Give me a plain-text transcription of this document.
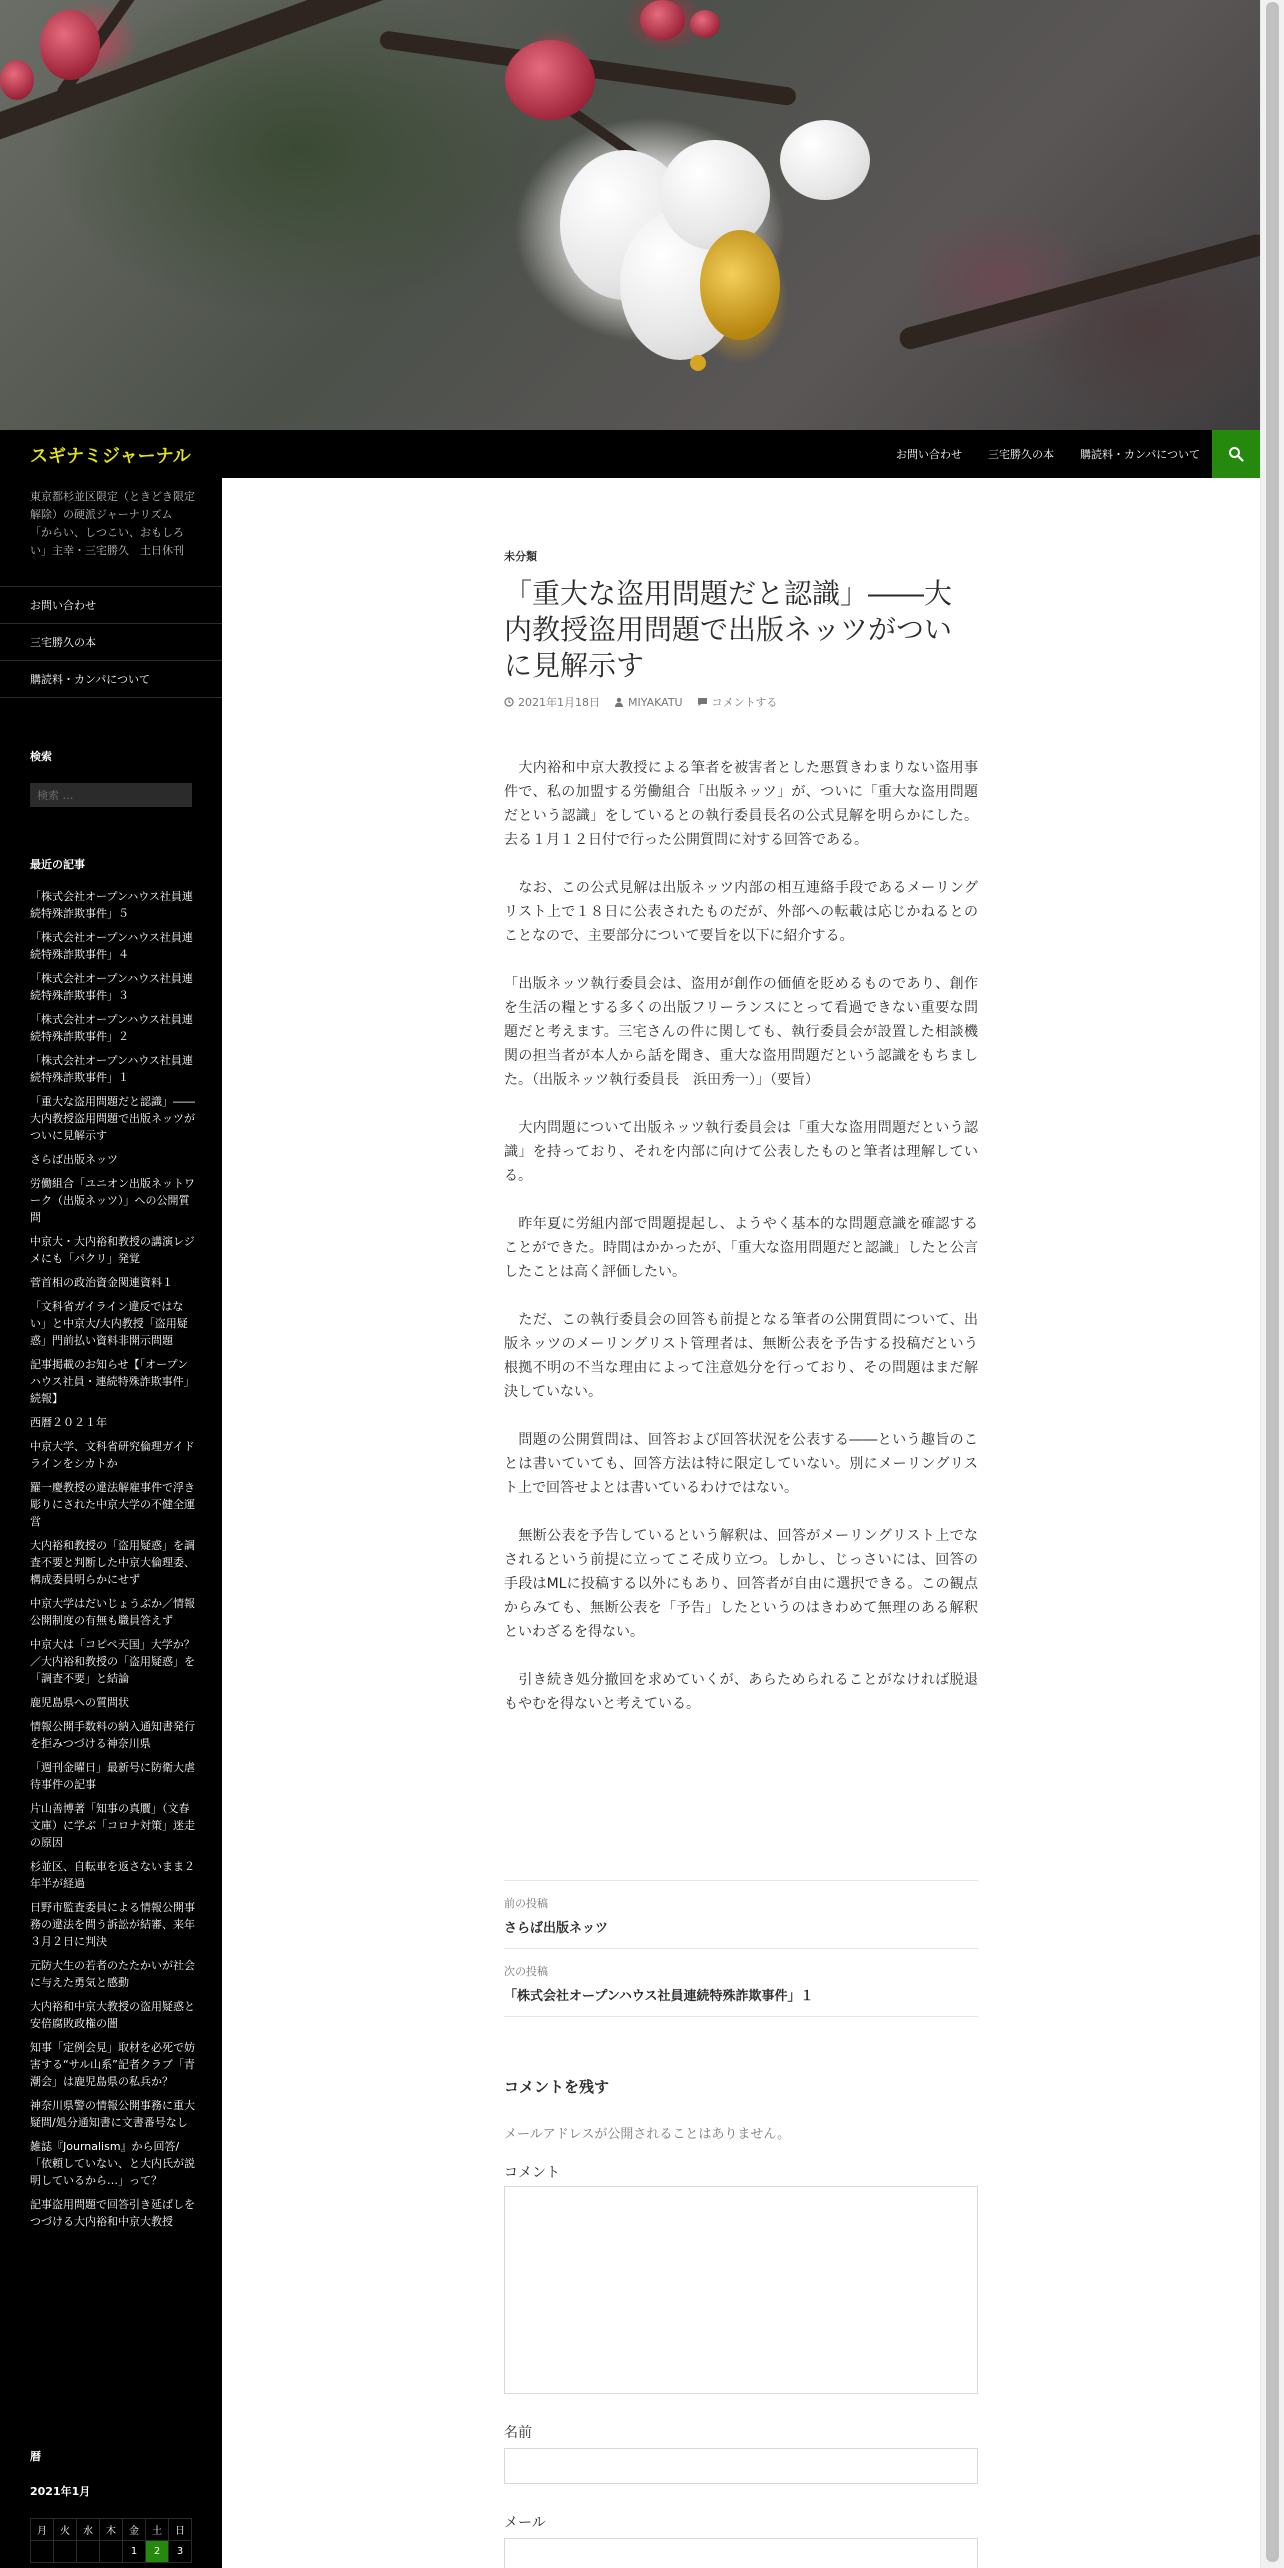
スギナミジャーナル	お問い合わせ 三宅勝久の本 購読料・カンパについて
東京都杉並区限定（ときどき限定解除）の硬派ジャーナリズム　「からい、しつこい、おもしろい」主幸・三宅勝久　土日休刊
お問い合わせ
三宅勝久の本
購読料・カンパについて
検索
検索 …
最近の記事
「株式会社オープンハウス社員連続特殊詐欺事件」５
「株式会社オープンハウス社員連続特殊詐欺事件」４
「株式会社オープンハウス社員連続特殊詐欺事件」３
「株式会社オープンハウス社員連続特殊詐欺事件」２
「株式会社オープンハウス社員連続特殊詐欺事件」１
「重大な盗用問題だと認識」――大内教授盗用問題で出版ネッツがついに見解示す
さらば出版ネッツ
労働組合「ユニオン出版ネットワーク（出版ネッツ）」への公開質問
中京大・大内裕和教授の講演レジメにも「パクリ」発覚
菅首相の政治資金関連資料１
「文科省ガイライン違反ではない」と中京大/大内教授「盗用疑惑」門前払い資料非開示問題
記事掲載のお知らせ【「オープンハウス社員・連続特殊詐欺事件」続報】
西暦２０２１年
中京大学、文科省研究倫理ガイドラインをシカトか
羅一慶教授の違法解雇事件で浮き彫りにされた中京大学の不健全運営
大内裕和教授の「盗用疑惑」を調査不要と判断した中京大倫理委、構成委員明らかにせず
中京大学はだいじょうぶか／情報公開制度の有無も職員答えず
中京大は「コピペ天国」大学か？／大内裕和教授の「盗用疑惑」を「調査不要」と結論
鹿児島県への質問状
情報公開手数料の納入通知書発行を拒みつづける神奈川県
「週刊金曜日」最新号に防衛大虐待事件の記事
片山善博著「知事の真贋」（文春文庫）に学ぶ「コロナ対策」迷走の原因
杉並区、自転車を返さないまま２年半が経過
日野市監査委員による情報公開事務の違法を問う訴訟が結審、来年３月２日に判決
元防大生の若者のたたかいが社会に与えた勇気と感動
大内裕和中京大教授の盗用疑惑と安倍腐敗政権の闇
知事「定例会見」取材を必死で妨害する“サル山系”記者クラブ「青潮会」は鹿児島県の私兵か？
神奈川県警の情報公開事務に重大疑問/処分通知書に文書番号なし
雑誌『Journalism』から回答/「依頼していない、と大内氏が説明しているから…」って？
記事盗用問題で回答引き延ばしをつづける大内裕和中京大教授
暦
2021年1月
月	火	水	木	金	土	日
				1	2	3
未分類
「重大な盗用問題だと認識」――大内教授盗用問題で出版ネッツがついに見解示す
2021年1月18日	MIYAKATU	コメントする

　大内裕和中京大教授による筆者を被害者とした悪質きわまりない盗用事件で、私の加盟する労働組合「出版ネッツ」が、ついに「重大な盗用問題だという認識」をしているとの執行委員長名の公式見解を明らかにした。去る１月１２日付で行った公開質問に対する回答である。

　なお、この公式見解は出版ネッツ内部の相互連絡手段であるメーリングリスト上で１８日に公表されたものだが、外部への転載は応じかねるとのことなので、主要部分について要旨を以下に紹介する。

「出版ネッツ執行委員会は、盗用が創作の価値を貶めるものであり、創作を生活の糧とする多くの出版フリーランスにとって看過できない重要な問題だと考えます。三宅さんの件に関しても、執行委員会が設置した相談機関の担当者が本人から話を聞き、重大な盗用問題だという認識をもちました。（出版ネッツ執行委員長　浜田秀一）」（要旨）

　大内問題について出版ネッツ執行委員会は「重大な盗用問題だという認識」を持っており、それを内部に向けて公表したものと筆者は理解している。

　昨年夏に労組内部で問題提起し、ようやく基本的な問題意識を確認することができた。時間はかかったが、「重大な盗用問題だと認識」したと公言したことは高く評価したい。

　ただ、この執行委員会の回答も前提となる筆者の公開質問について、出版ネッツのメーリングリスト管理者は、無断公表を予告する投稿だという根拠不明の不当な理由によって注意処分を行っており、その問題はまだ解決していない。

　問題の公開質問は、回答および回答状況を公表する――という趣旨のことは書いていても、回答方法は特に限定していない。別にメーリングリスト上で回答せよとは書いているわけではない。

　無断公表を予告しているという解釈は、回答がメーリングリスト上でなされるという前提に立ってこそ成り立つ。しかし、じっさいには、回答の手段はMLに投稿する以外にもあり、回答者が自由に選択できる。この観点からみても、無断公表を「予告」したというのはきわめて無理のある解釈といわざるを得ない。

　引き続き処分撤回を求めていくが、あらためられることがなければ脱退もやむを得ないと考えている。

前の投稿
さらば出版ネッツ
次の投稿
「株式会社オープンハウス社員連続特殊詐欺事件」１
コメントを残す
メールアドレスが公開されることはありません。
コメント
名前
メール
